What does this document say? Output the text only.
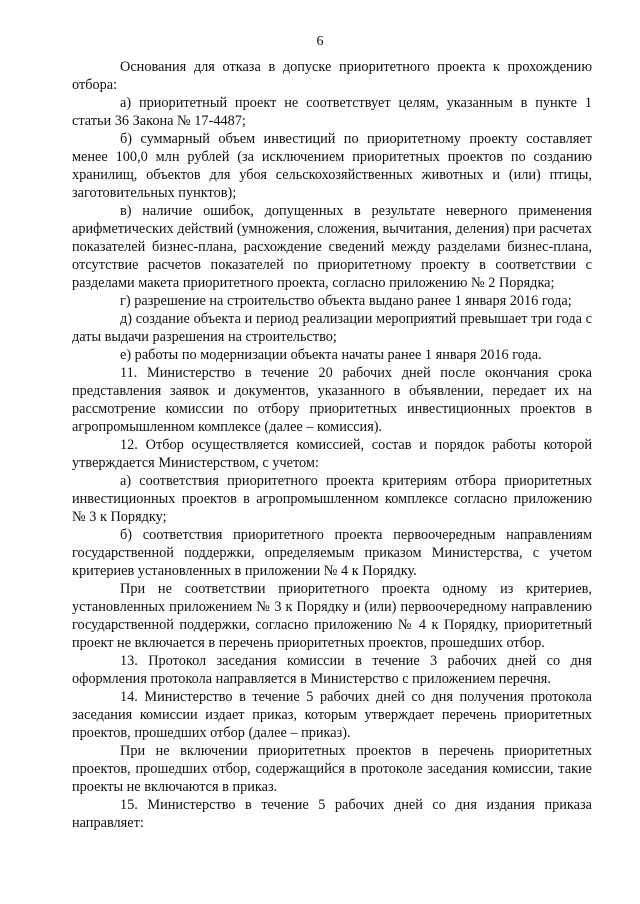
6

Основания для отказа в допуске приоритетного проекта к прохождению отбора:

а) приоритетный проект не соответствует целям, указанным в пункте 1 статьи 36 Закона № 17-4487;

б) суммарный объем инвестиций по приоритетному проекту составляет менее 100,0 млн рублей (за исключением приоритетных проектов по созданию хранилищ, объектов для убоя сельскохозяйственных животных и (или) птицы, заготовительных пунктов);

в) наличие ошибок, допущенных в результате неверного применения арифметических действий (умножения, сложения, вычитания, деления) при расчетах показателей бизнес-плана, расхождение сведений между разделами бизнес-плана, отсутствие расчетов показателей по приоритетному проекту в соответствии с разделами макета приоритетного проекта, согласно приложению № 2 Порядка;

г) разрешение на строительство объекта выдано ранее 1 января 2016 года;

д) создание объекта и период реализации мероприятий превышает три года с даты выдачи разрешения на строительство;

е) работы по модернизации объекта начаты ранее 1 января 2016 года.

11. Министерство в течение 20 рабочих дней после окончания срока представления заявок и документов, указанного в объявлении, передает их на рассмотрение комиссии по отбору приоритетных инвестиционных проектов в агропромышленном комплексе (далее – комиссия).

12. Отбор осуществляется комиссией, состав и порядок работы которой утверждается Министерством, с учетом:

а) соответствия приоритетного проекта критериям отбора приоритетных инвестиционных проектов в агропромышленном комплексе согласно приложению № 3 к Порядку;

б) соответствия приоритетного проекта первоочередным направлениям государственной поддержки, определяемым приказом Министерства, с учетом критериев установленных в приложении № 4 к Порядку.

При не соответствии приоритетного проекта одному из критериев, установленных приложением № 3 к Порядку и (или) первоочередному направлению государственной поддержки, согласно приложению № 4 к Порядку, приоритетный проект не включается в перечень приоритетных проектов, прошедших отбор.

13. Протокол заседания комиссии в течение 3 рабочих дней со дня оформления протокола направляется в Министерство с приложением перечня.

14. Министерство в течение 5 рабочих дней со дня получения протокола заседания комиссии издает приказ, которым утверждает перечень приоритетных проектов, прошедших отбор (далее – приказ).

При не включении приоритетных проектов в перечень приоритетных проектов, прошедших отбор, содержащийся в протоколе заседания комиссии, такие проекты не включаются в приказ.

15. Министерство в течение 5 рабочих дней со дня издания приказа направляет:
